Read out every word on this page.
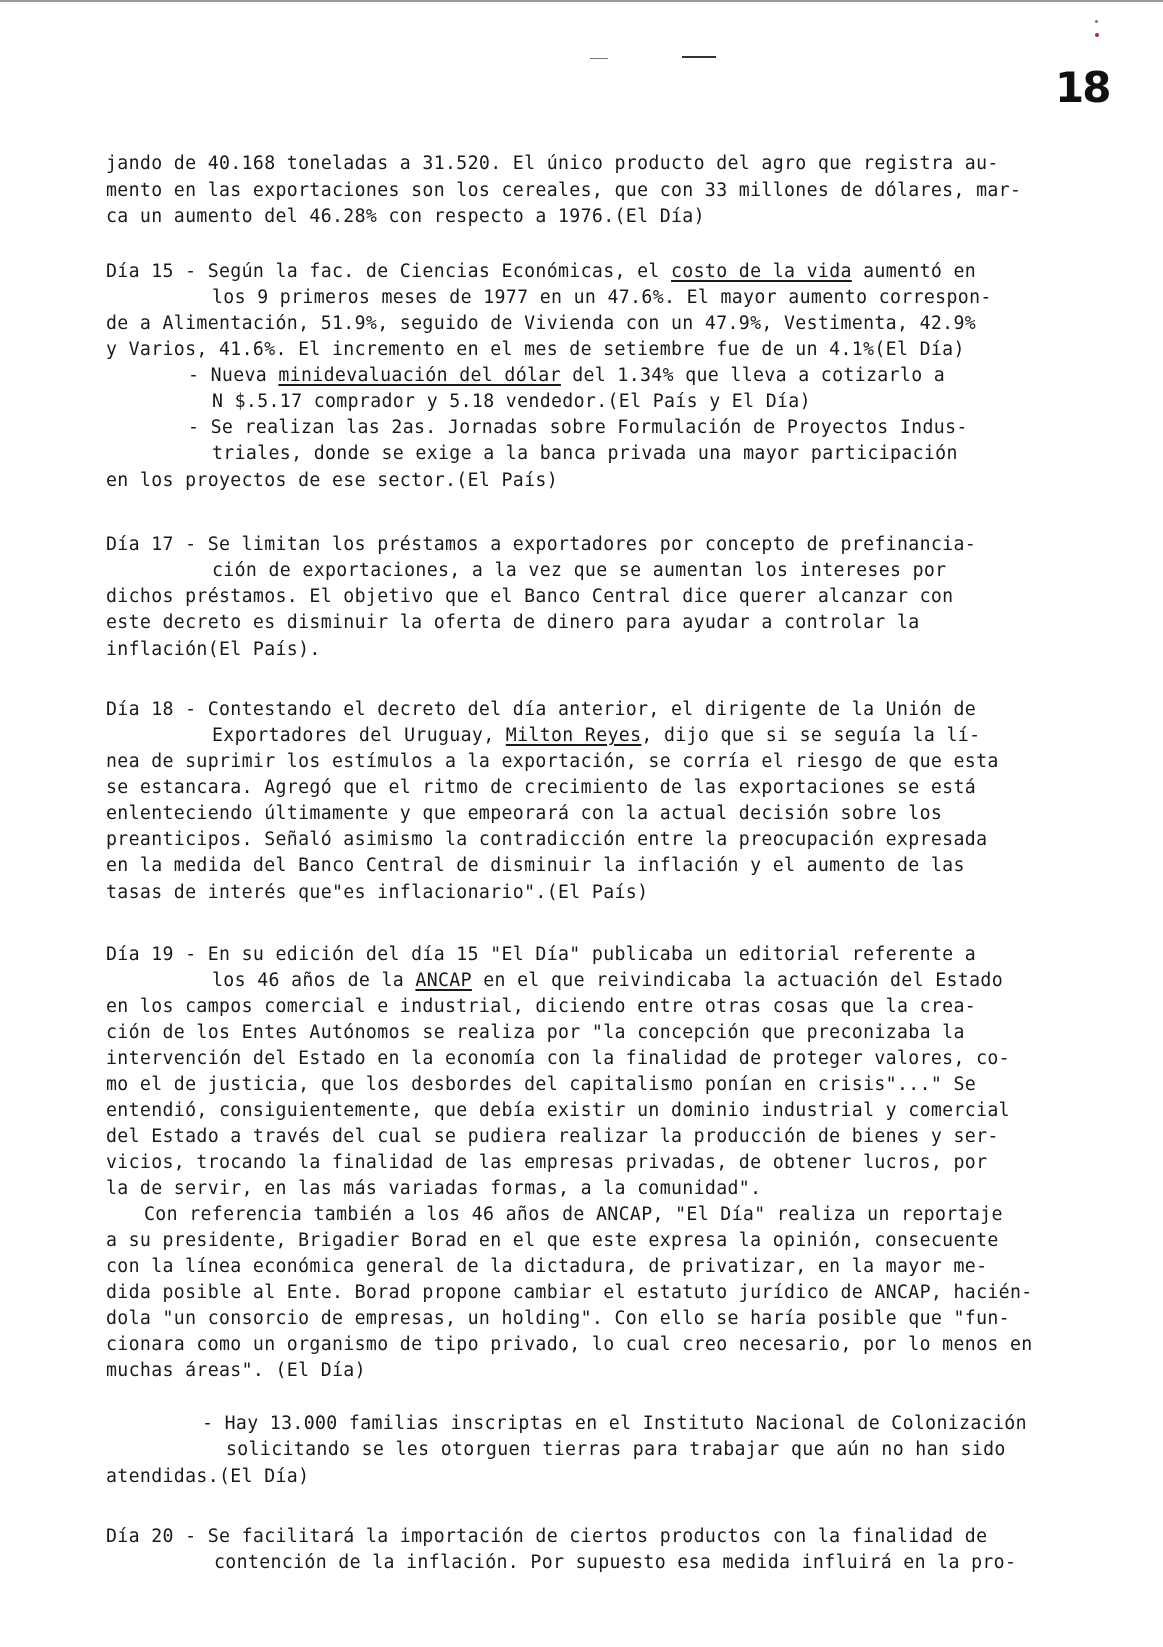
18
jando de 40.168 toneladas a 31.520. El único producto del agro que registra au-
mento en las exportaciones son los cereales, que con 33 millones de dólares, mar-
ca un aumento del 46.28% con respecto a 1976.(El Día)
Día 15 - Según la fac. de Ciencias Económicas, el costo de la vida aumentó en
los 9 primeros meses de 1977 en un 47.6%. El mayor aumento correspon-
de a Alimentación, 51.9%, seguido de Vivienda con un 47.9%, Vestimenta, 42.9%
y Varios, 41.6%. El incremento en el mes de setiembre fue de un 4.1%(El Día)
- Nueva minidevaluación del dólar del 1.34% que lleva a cotizarlo a
N $.5.17 comprador y 5.18 vendedor.(El País y El Día)
- Se realizan las 2as. Jornadas sobre Formulación de Proyectos Indus-
triales, donde se exige a la banca privada una mayor participación
en los proyectos de ese sector.(El País)
Día 17 - Se limitan los préstamos a exportadores por concepto de prefinancia-
ción de exportaciones, a la vez que se aumentan los intereses por
dichos préstamos. El objetivo que el Banco Central dice querer alcanzar con
este decreto es disminuir la oferta de dinero para ayudar a controlar la
inflación(El País).
Día 18 - Contestando el decreto del día anterior, el dirigente de la Unión de
Exportadores del Uruguay, Milton Reyes, dijo que si se seguía la lí-
nea de suprimir los estímulos a la exportación, se corría el riesgo de que esta
se estancara. Agregó que el ritmo de crecimiento de las exportaciones se está
enlenteciendo últimamente y que empeorará con la actual decisión sobre los
preanticipos. Señaló asimismo la contradicción entre la preocupación expresada
en la medida del Banco Central de disminuir la inflación y el aumento de las
tasas de interés que"es inflacionario".(El País)
Día 19 - En su edición del día 15 "El Día" publicaba un editorial referente a
los 46 años de la ANCAP en el que reivindicaba la actuación del Estado
en los campos comercial e industrial, diciendo entre otras cosas que la crea-
ción de los Entes Autónomos se realiza por "la concepción que preconizaba la
intervención del Estado en la economía con la finalidad de proteger valores, co-
mo el de justicia, que los desbordes del capitalismo ponían en crisis"..." Se
entendió, consiguientemente, que debía existir un dominio industrial y comercial
del Estado a través del cual se pudiera realizar la producción de bienes y ser-
vicios, trocando la finalidad de las empresas privadas, de obtener lucros, por
la de servir, en las más variadas formas, a la comunidad".
Con referencia también a los 46 años de ANCAP, "El Día" realiza un reportaje
a su presidente, Brigadier Borad en el que este expresa la opinión, consecuente
con la línea económica general de la dictadura, de privatizar, en la mayor me-
dida posible al Ente. Borad propone cambiar el estatuto jurídico de ANCAP, hacién-
dola "un consorcio de empresas, un holding". Con ello se haría posible que "fun-
cionara como un organismo de tipo privado, lo cual creo necesario, por lo menos en
muchas áreas". (El Día)
- Hay 13.000 familias inscriptas en el Instituto Nacional de Colonización
solicitando se les otorguen tierras para trabajar que aún no han sido
atendidas.(El Día)
Día 20 - Se facilitará la importación de ciertos productos con la finalidad de
contención de la inflación. Por supuesto esa medida influirá en la pro-
